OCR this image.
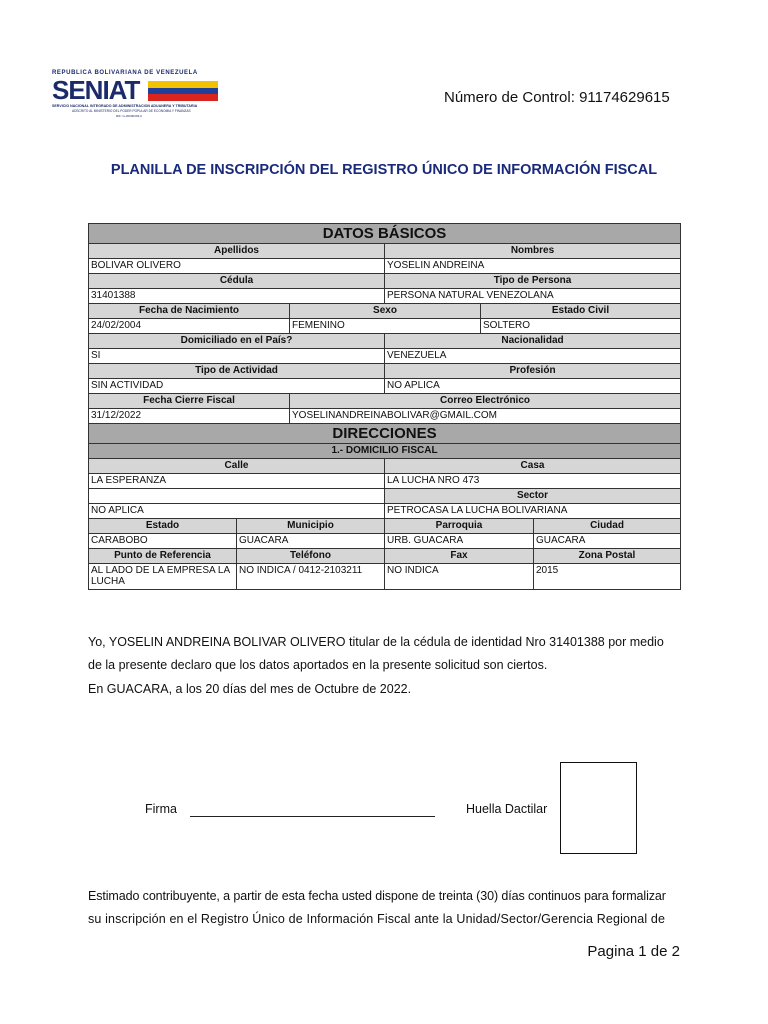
REPUBLICA BOLIVARIANA DE VENEZUELA
SENIAT
SERVICIO NACIONAL INTEGRADO DE ADMINISTRACION ADUANERA Y TRIBUTARIA
ADSCRITO AL MINISTERIO DEL PODER POPULAR DE ECONOMIA Y FINANZAS
RIF: G-20000303-0
Número de Control: 91174629615
PLANILLA DE INSCRIPCIÓN DEL REGISTRO ÚNICO DE INFORMACIÓN FISCAL
DATOS BÁSICOS					
Apellidos			Nombres		
BOLIVAR OLIVERO			YOSELIN ANDREINA		
Cédula			Tipo de Persona		
31401388			PERSONA NATURAL VENEZOLANA		
Fecha de Nacimiento		Sexo		Estado Civil	
24/02/2004		FEMENINO		SOLTERO	
Domiciliado en el País?			Nacionalidad		
SI			VENEZUELA		
Tipo de Actividad			Profesión		
SIN ACTIVIDAD			NO APLICA		
Fecha Cierre Fiscal		Correo Electrónico			
31/12/2022		YOSELINANDREINABOLIVAR@GMAIL.COM			
DIRECCIONES					
1.- DOMICILIO FISCAL					
Calle			Casa		
LA ESPERANZA			LA LUCHA NRO 473		
			Sector		
NO APLICA			PETROCASA LA LUCHA BOLIVARIANA		
Estado	Municipio		Parroquia		Ciudad
CARABOBO	GUACARA		URB. GUACARA		GUACARA
Punto de Referencia	Teléfono		Fax		Zona Postal
AL LADO DE LA EMPRESA LA LUCHA	NO INDICA / 0412-2103211		NO INDICA		2015
Yo, YOSELIN ANDREINA BOLIVAR OLIVERO titular de la cédula de identidad Nro 31401388 por medio
de la presente declaro que los datos aportados en la presente solicitud son ciertos.
En GUACARA, a los 20 días del mes de Octubre de 2022.
Firma	Huella Dactilar
Estimado contribuyente, a partir de esta fecha usted dispone de treinta (30) días continuos para formalizar
su inscripción en el Registro Único de Información Fiscal ante la Unidad/Sector/Gerencia Regional de
Pagina 1 de 2
